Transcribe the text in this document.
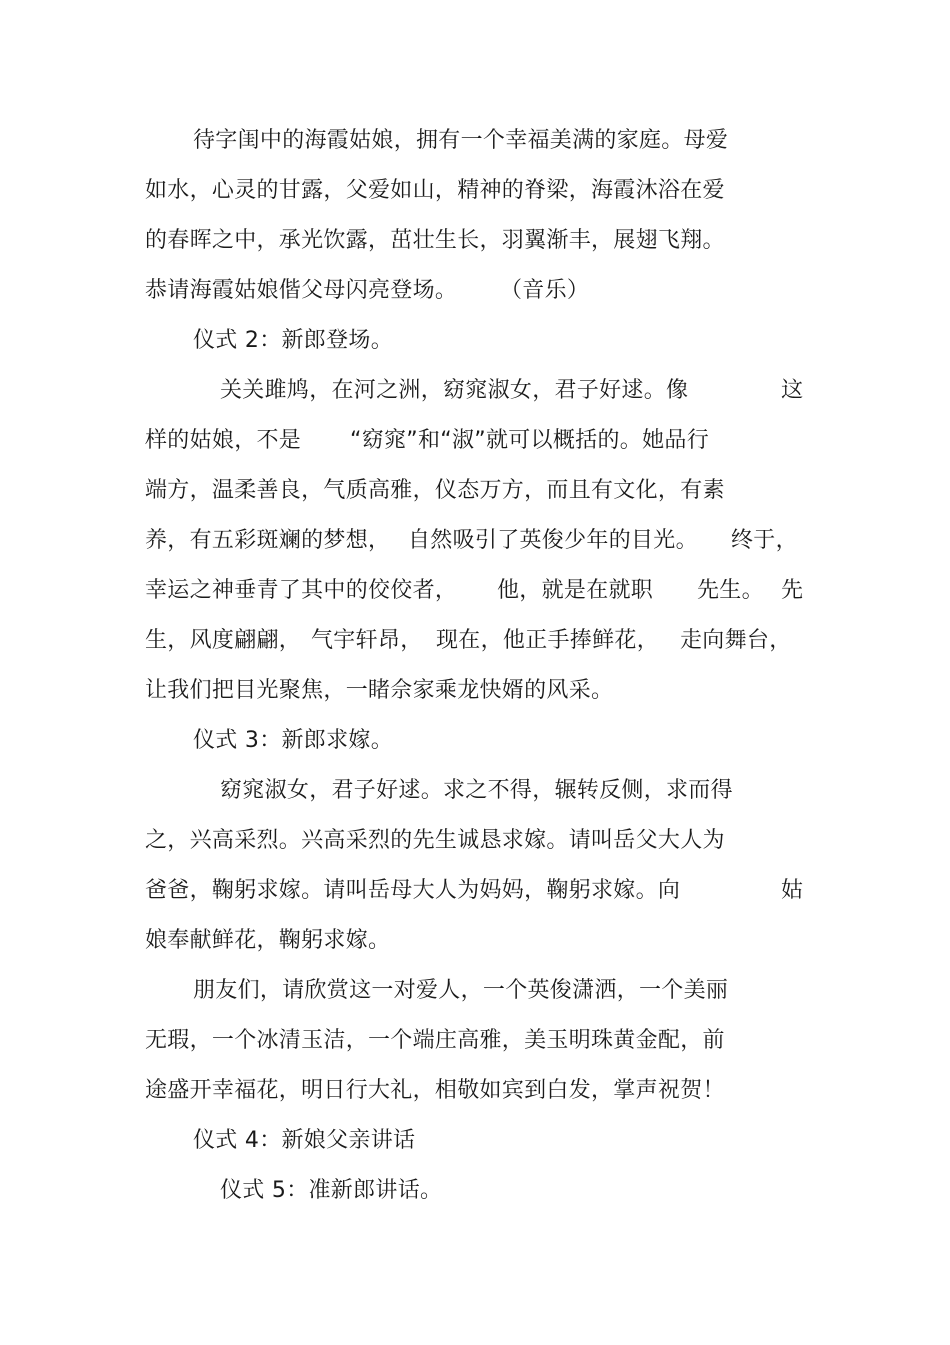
待字闺中的海霞姑娘，拥有一个幸福美满的家庭。母爱
如水，心灵的甘露，父爱如山，精神的脊梁，海霞沐浴在爱
的春晖之中，承光饮露，茁壮生长，羽翼渐丰，展翅飞翔。
恭请海霞姑娘偕父母闪亮登场。 （音乐）
仪式 2：新郎登场。
关关雎鸠，在河之洲，窈窕淑女，君子好逑。像	这
样的姑娘，不是 “窈窕”和“淑”就可以概括的。她品行
端方，温柔善良，气质高雅，仪态万方，而且有文化，有素
养，有五彩斑斓的梦想， 自然吸引了英俊少年的目光。 终于，
幸运之神垂青了其中的佼佼者， 他，就是在就职 先生。 先
生，风度翩翩， 气宇轩昂， 现在，他正手捧鲜花， 走向舞台，
让我们把目光聚焦，一睹佘家乘龙快婿的风采。
仪式 3：新郎求嫁。
窈窕淑女，君子好逑。求之不得，辗转反侧，求而得
之，兴高采烈。兴高采烈的先生诚恳求嫁。请叫岳父大人为
爸爸，鞠躬求嫁。请叫岳母大人为妈妈，鞠躬求嫁。向	姑
娘奉献鲜花，鞠躬求嫁。
朋友们，请欣赏这一对爱人，一个英俊潇洒，一个美丽
无瑕，一个冰清玉洁，一个端庄高雅，美玉明珠黄金配，前
途盛开幸福花，明日行大礼，相敬如宾到白发，掌声祝贺！
仪式 4：新娘父亲讲话
仪式 5：准新郎讲话。
